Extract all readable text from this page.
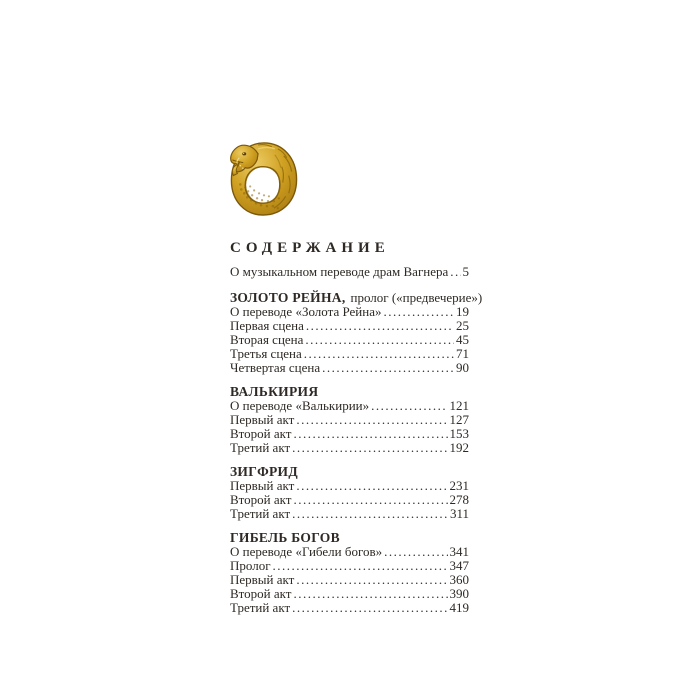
СОДЕРЖАНИЕ
О музыкальном переводе драм Вагнера ..... 5
ЗОЛОТО РЕЙНА, пролог («предвечерие»)
О переводе «Золота Рейна» .....	19
Первая сцена .....	25
Вторая сцена .....	45
Третья сцена .....	71
Четвертая сцена .....	90
ВАЛЬКИРИЯ
О переводе «Валькирии» .....	121
Первый акт .....	127
Второй акт .....	153
Третий акт .....	192
ЗИГФРИД
Первый акт .....	231
Второй акт .....	278
Третий акт .....	311
ГИБЕЛЬ БОГОВ
О переводе «Гибели богов» .....	341
Пролог .....	347
Первый акт .....	360
Второй акт .....	390
Третий акт .....	419
